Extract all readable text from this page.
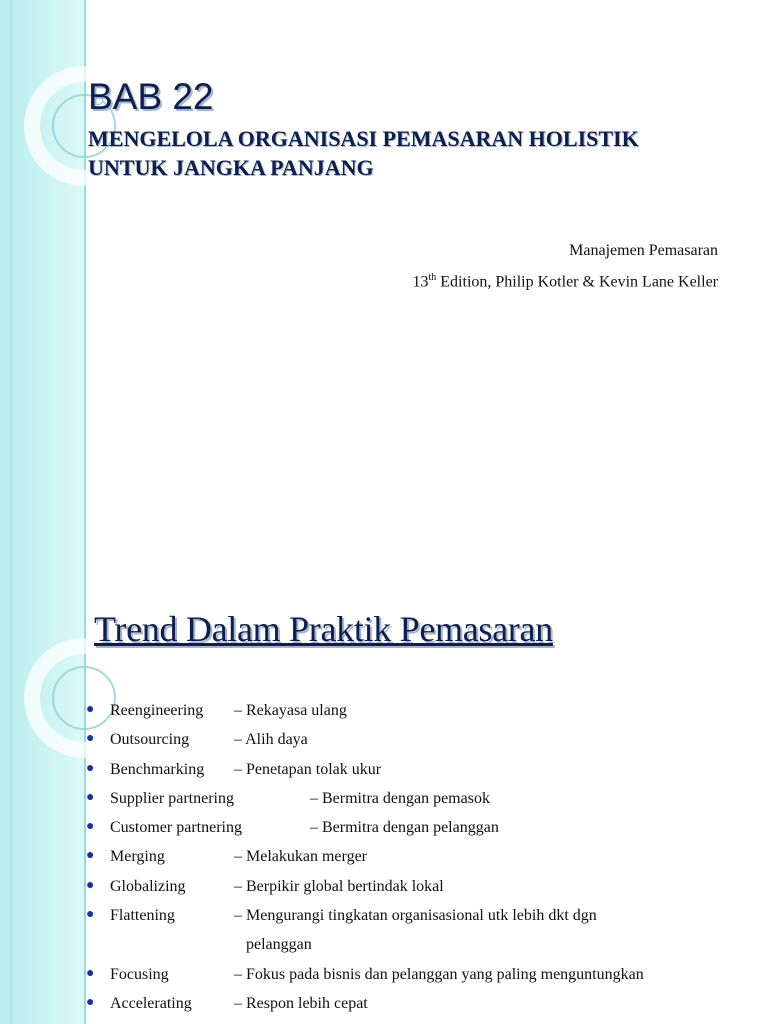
BAB 22
MENGELOLA ORGANISASI PEMASARAN HOLISTIK
UNTUK JANGKA PANJANG
Manajemen Pemasaran
13th Edition, Philip Kotler & Kevin Lane Keller
Trend Dalam Praktik Pemasaran
● Reengineering – Rekayasa ulang
● Outsourcing	– Alih daya
● Benchmarking – Penetapan tolak ukur
● Supplier partnering	– Bermitra dengan pemasok
● Customer partnering	– Bermitra dengan pelanggan
● Merging	– Melakukan merger
● Globalizing	– Berpikir global bertindak lokal
● Flattening	– Mengurangi tingkatan organisasional utk lebih dkt dgn
pelanggan
● Focusing	– Fokus pada bisnis dan pelanggan yang paling menguntungkan
● Accelerating	– Respon lebih cepat
